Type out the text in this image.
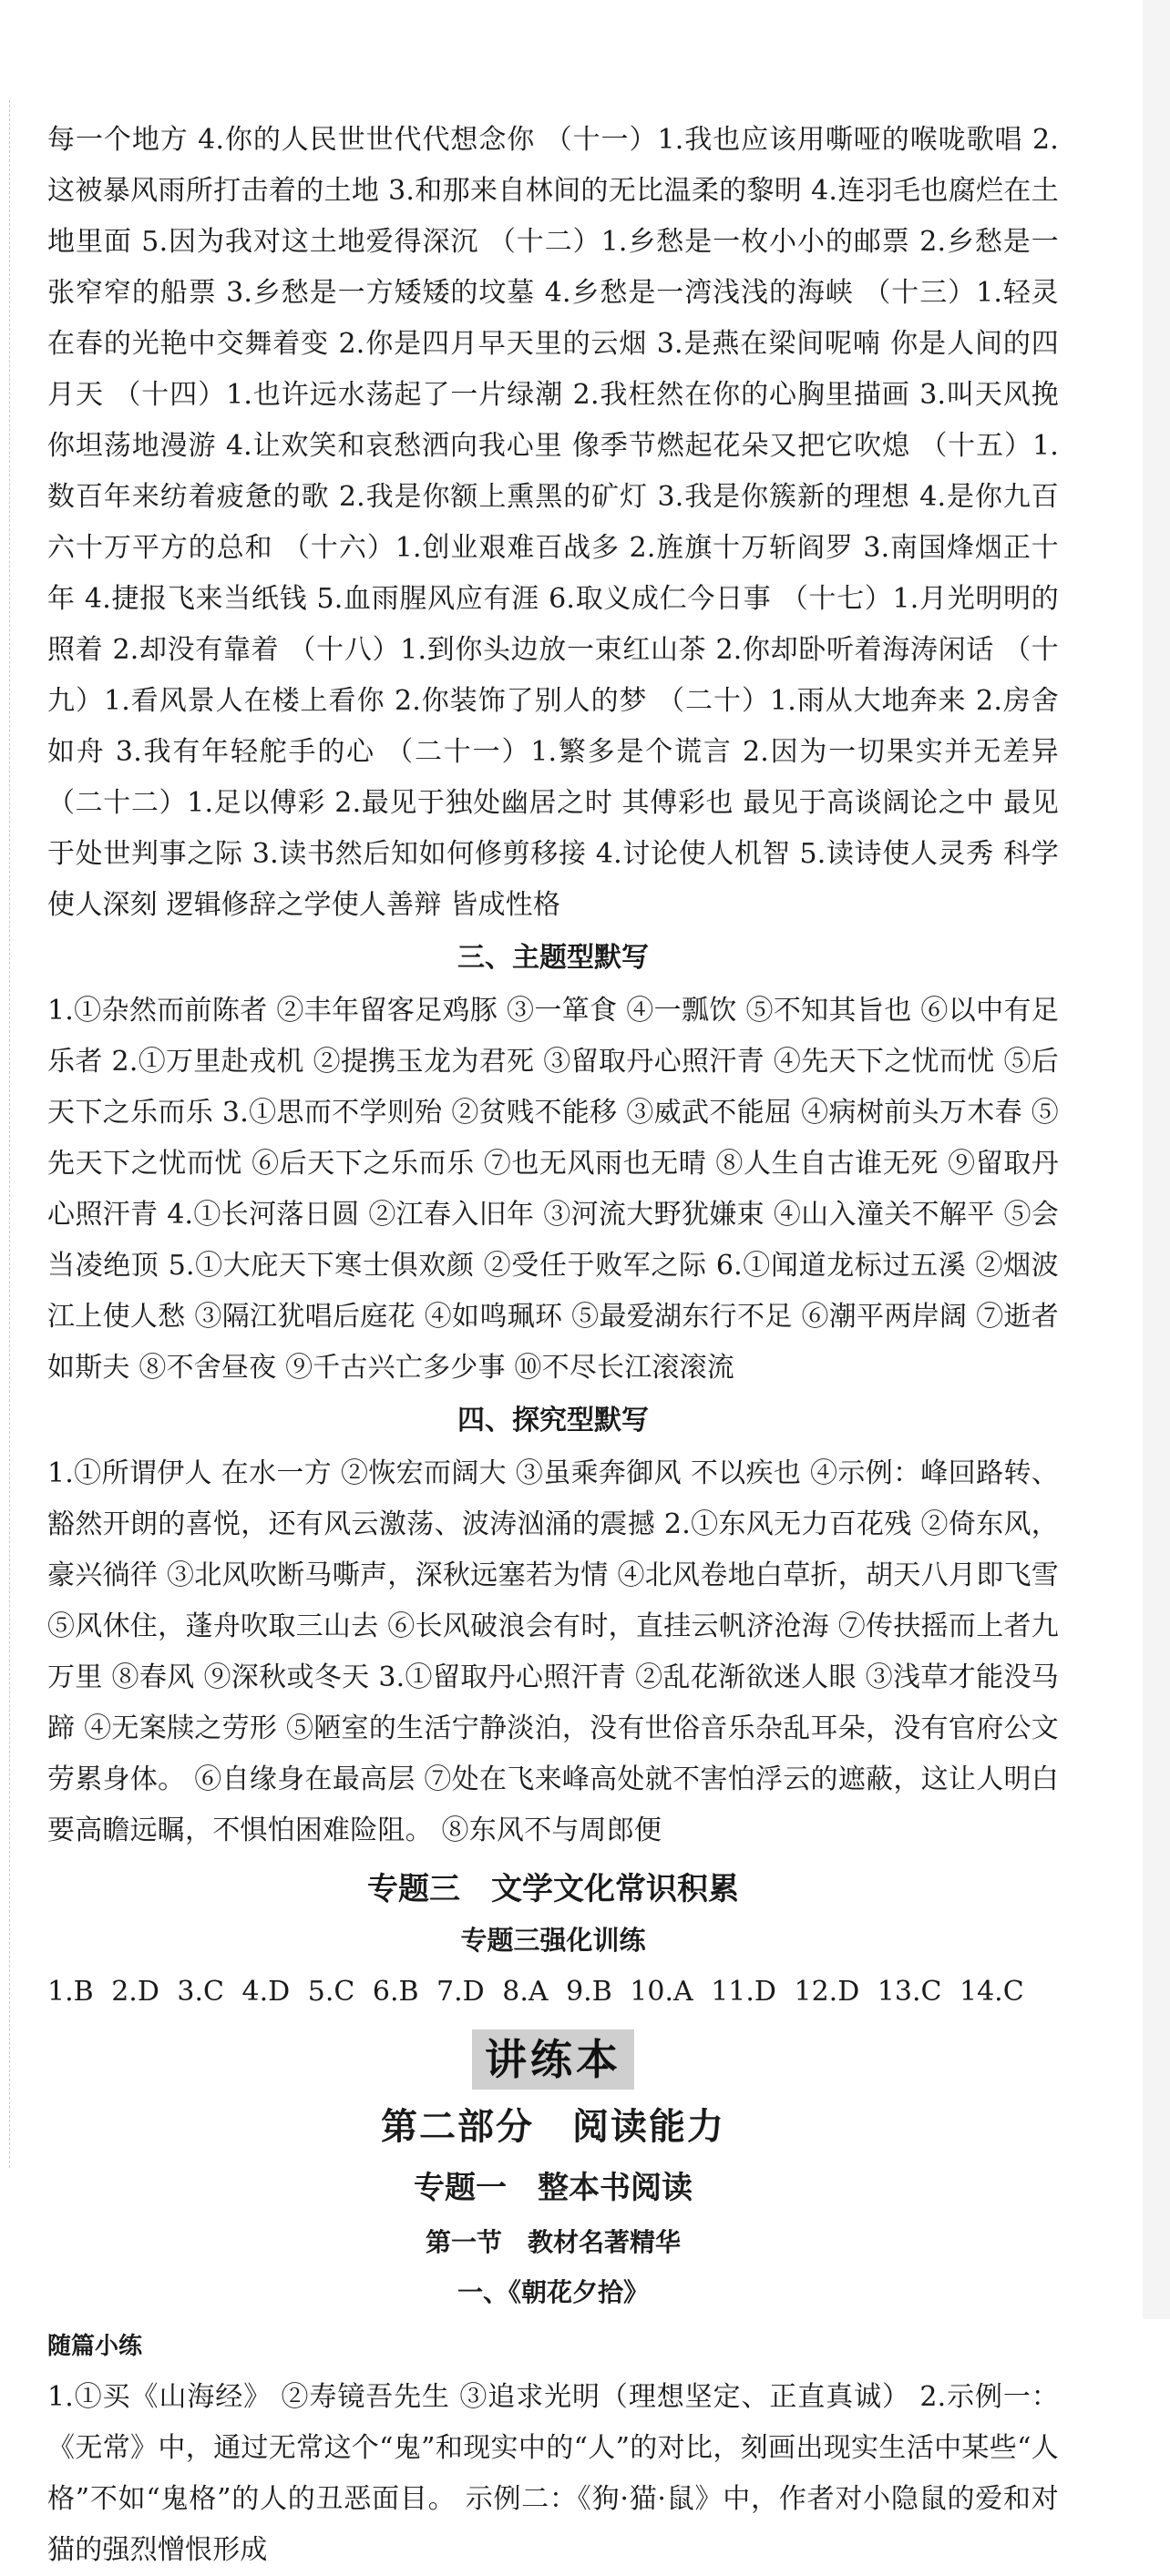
每一个地方 4.你的人民世世代代想念你 （十一）1.我也应该用嘶哑的喉咙歌唱 2.这被暴风雨所打击着的土地 3.和那来自林间的无比温柔的黎明 4.连羽毛也腐烂在土地里面 5.因为我对这土地爱得深沉 （十二）1.乡愁是一枚小小的邮票 2.乡愁是一张窄窄的船票 3.乡愁是一方矮矮的坟墓 4.乡愁是一湾浅浅的海峡 （十三）1.轻灵在春的光艳中交舞着变 2.你是四月早天里的云烟 3.是燕在梁间呢喃 你是人间的四月天 （十四）1.也许远水荡起了一片绿潮 2.我枉然在你的心胸里描画 3.叫天风挽你坦荡地漫游 4.让欢笑和哀愁洒向我心里 像季节燃起花朵又把它吹熄 （十五）1.数百年来纺着疲惫的歌 2.我是你额上熏黑的矿灯 3.我是你簇新的理想 4.是你九百六十万平方的总和 （十六）1.创业艰难百战多 2.旌旗十万斩阎罗 3.南国烽烟正十年 4.捷报飞来当纸钱 5.血雨腥风应有涯 6.取义成仁今日事 （十七）1.月光明明的照着 2.却没有靠着 （十八）1.到你头边放一束红山茶 2.你却卧听着海涛闲话 （十九）1.看风景人在楼上看你 2.你装饰了别人的梦 （二十）1.雨从大地奔来 2.房舍如舟 3.我有年轻舵手的心 （二十一）1.繁多是个谎言 2.因为一切果实并无差异 （二十二）1.足以傅彩 2.最见于独处幽居之时 其傅彩也 最见于高谈阔论之中 最见于处世判事之际 3.读书然后知如何修剪移接 4.讨论使人机智 5.读诗使人灵秀 科学使人深刻 逻辑修辞之学使人善辩 皆成性格

三、主题型默写

1.①杂然而前陈者 ②丰年留客足鸡豚 ③一箪食 ④一瓢饮 ⑤不知其旨也 ⑥以中有足乐者 2.①万里赴戎机 ②提携玉龙为君死 ③留取丹心照汗青 ④先天下之忧而忧 ⑤后天下之乐而乐 3.①思而不学则殆 ②贫贱不能移 ③威武不能屈 ④病树前头万木春 ⑤先天下之忧而忧 ⑥后天下之乐而乐 ⑦也无风雨也无晴 ⑧人生自古谁无死 ⑨留取丹心照汗青 4.①长河落日圆 ②江春入旧年 ③河流大野犹嫌束 ④山入潼关不解平 ⑤会当凌绝顶 5.①大庇天下寒士俱欢颜 ②受任于败军之际 6.①闻道龙标过五溪 ②烟波江上使人愁 ③隔江犹唱后庭花 ④如鸣珮环 ⑤最爱湖东行不足 ⑥潮平两岸阔 ⑦逝者如斯夫 ⑧不舍昼夜 ⑨千古兴亡多少事 ⑩不尽长江滚滚流

四、探究型默写

1.①所谓伊人 在水一方 ②恢宏而阔大 ③虽乘奔御风 不以疾也 ④示例：峰回路转、豁然开朗的喜悦，还有风云激荡、波涛汹涌的震撼 2.①东风无力百花残 ②倚东风，豪兴徜徉 ③北风吹断马嘶声，深秋远塞若为情 ④北风卷地白草折，胡天八月即飞雪 ⑤风休住，蓬舟吹取三山去 ⑥长风破浪会有时，直挂云帆济沧海 ⑦传扶摇而上者九万里 ⑧春风 ⑨深秋或冬天 3.①留取丹心照汗青 ②乱花渐欲迷人眼 ③浅草才能没马蹄 ④无案牍之劳形 ⑤陋室的生活宁静淡泊，没有世俗音乐杂乱耳朵，没有官府公文劳累身体。 ⑥自缘身在最高层 ⑦处在飞来峰高处就不害怕浮云的遮蔽，这让人明白要高瞻远瞩，不惧怕困难险阻。 ⑧东风不与周郎便

专题三　文学文化常识积累
专题三强化训练
1.B 2.D 3.C 4.D 5.C 6.B 7.D 8.A 9.B 10.A 11.D 12.D 13.C 14.C
讲练本
第二部分　阅读能力
专题一　整本书阅读
第一节　教材名著精华
一、《朝花夕拾》
随篇小练

1.①买《山海经》 ②寿镜吾先生 ③追求光明（理想坚定、正直真诚） 2.示例一：《无常》中，通过无常这个“鬼”和现实中的“人”的对比，刻画出现实生活中某些“人格”不如“鬼格”的人的丑恶面目。 示例二：《狗·猫·鼠》中，作者对小隐鼠的爱和对猫的强烈憎恨形成
